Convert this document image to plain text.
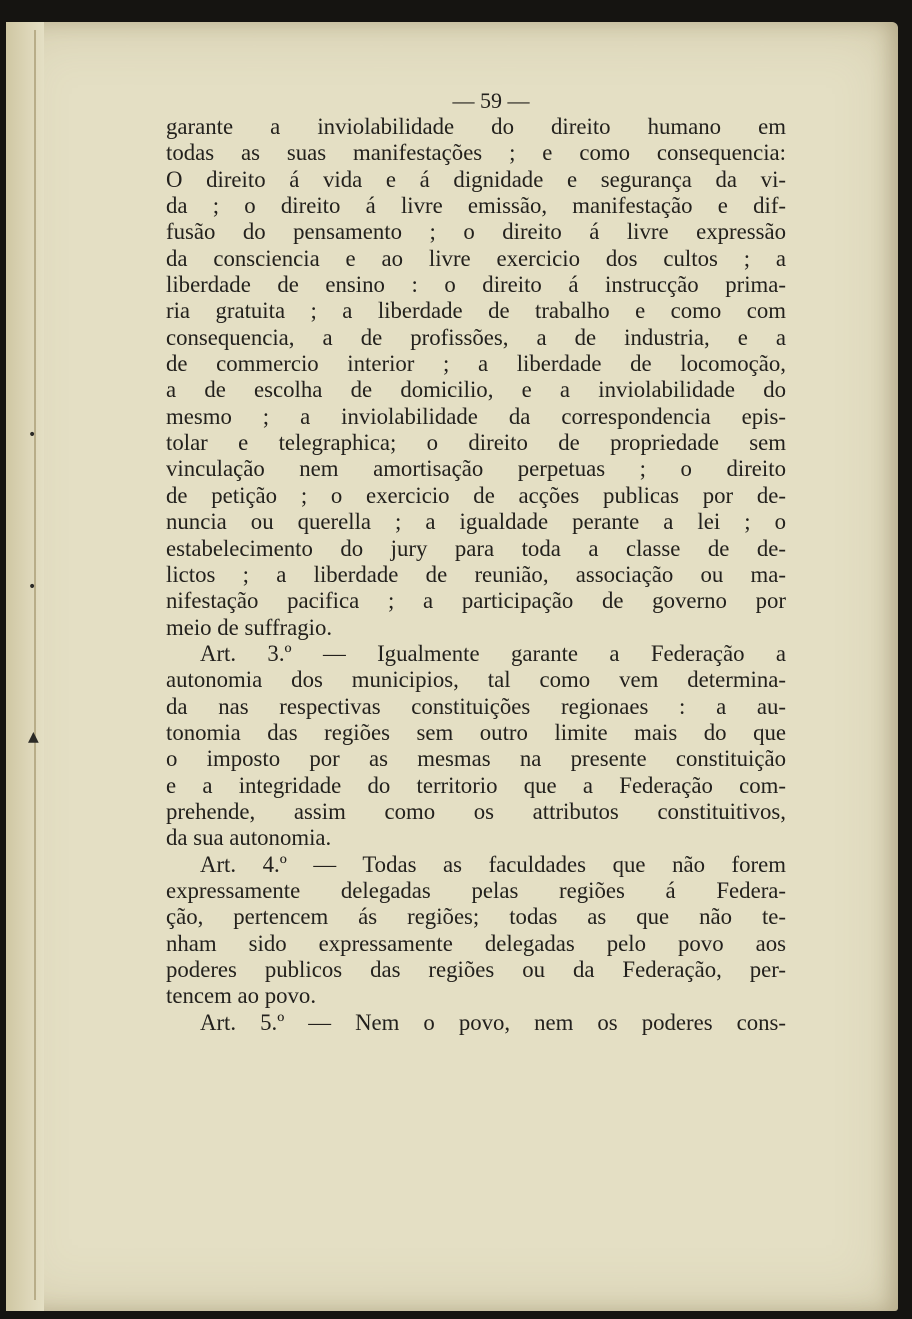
•
•
▲
— 59 —
garante a inviolabilidade do direito humano em
todas as suas manifestações ; e como consequencia:
O direito á vida e á dignidade e segurança da vi-
da ; o direito á livre emissão, manifestação e dif-
fusão do pensamento ; o direito á livre expressão
da consciencia e ao livre exercicio dos cultos ; a
liberdade de ensino : o direito á instrucção prima-
ria gratuita ; a liberdade de trabalho e como com
consequencia, a de profissões, a de industria, e a
de commercio interior ; a liberdade de locomoção,
a de escolha de domicilio, e a inviolabilidade do
mesmo ; a inviolabilidade da correspondencia epis-
tolar e telegraphica; o direito de propriedade sem
vinculação nem amortisação perpetuas ; o direito
de petição ; o exercicio de acções publicas por de-
nuncia ou querella ; a igualdade perante a lei ; o
estabelecimento do jury para toda a classe de de-
lictos ; a liberdade de reunião, associação ou ma-
nifestação pacifica ; a participação de governo por
meio de suffragio.
Art. 3.º — Igualmente garante a Federação a
autonomia dos municipios, tal como vem determina-
da nas respectivas constituições regionaes : a au-
tonomia das regiões sem outro limite mais do que
o imposto por as mesmas na presente constituição
e a integridade do territorio que a Federação com-
prehende, assim como os attributos constituitivos,
da sua autonomia.
Art. 4.º — Todas as faculdades que não forem
expressamente delegadas pelas regiões á Federa-
ção, pertencem ás regiões; todas as que não te-
nham sido expressamente delegadas pelo povo aos
poderes publicos das regiões ou da Federação, per-
tencem ao povo.
Art. 5.º — Nem o povo, nem os poderes cons-
